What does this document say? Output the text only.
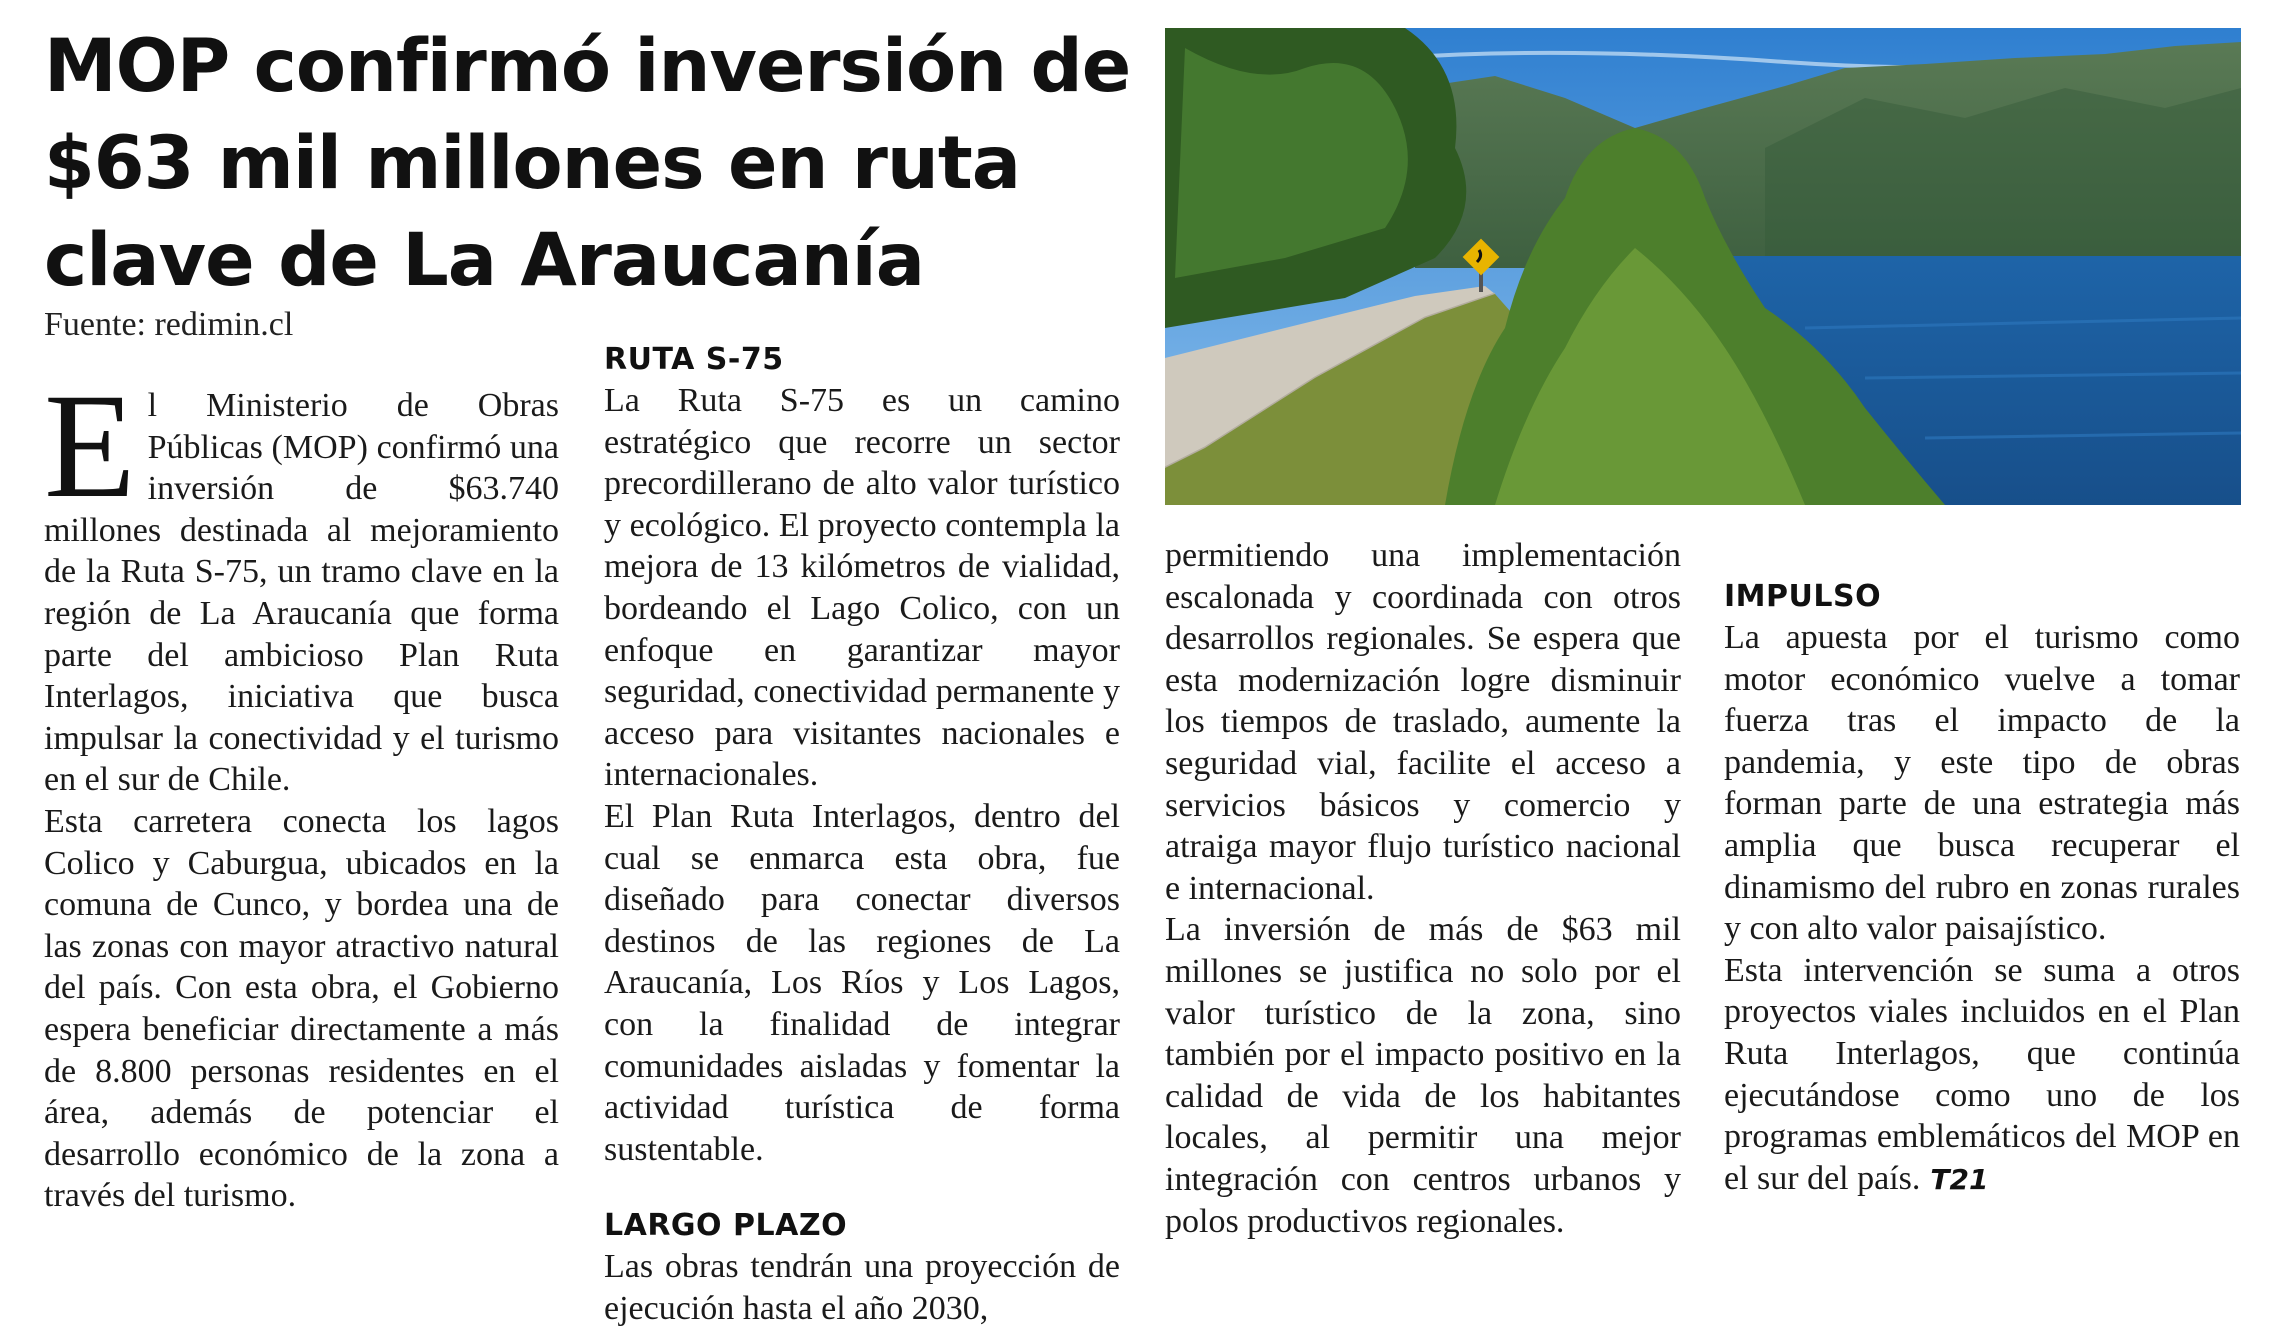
MOP confirmó inversión de $63 mil millones en ruta clave de La Araucanía
Fuente: redimin.cl

El Ministerio de Obras Públicas (MOP) confirmó una inversión de $63.740 millones destinada al mejoramiento de la Ruta S-75, un tramo clave en la región de La Araucanía que forma parte del ambicioso Plan Ruta Interlagos, iniciativa que busca impulsar la conectividad y el turismo en el sur de Chile.

Esta carretera conecta los lagos Colico y Caburgua, ubicados en la comuna de Cunco, y bordea una de las zonas con mayor atractivo natural del país. Con esta obra, el Gobierno espera beneficiar directamente a más de 8.800 personas residentes en el área, además de potenciar el desarrollo económico de la zona a través del turismo.

RUTA S-75

La Ruta S-75 es un camino estratégico que recorre un sector precordillerano de alto valor turístico y ecológico. El proyecto contempla la mejora de 13 kilómetros de vialidad, bordeando el Lago Colico, con un enfoque en garantizar mayor seguridad, conectividad permanente y acceso para visitantes nacionales e internacionales.

El Plan Ruta Interlagos, dentro del cual se enmarca esta obra, fue diseñado para conectar diversos destinos de las regiones de La Araucanía, Los Ríos y Los Lagos, con la finalidad de integrar comunidades aisladas y fomentar la actividad turística de forma sustentable.

LARGO PLAZO

Las obras tendrán una proyección de ejecución hasta el año 2030,

permitiendo una implementación escalonada y coordinada con otros desarrollos regionales. Se espera que esta modernización logre disminuir los tiempos de traslado, aumente la seguridad vial, facilite el acceso a servicios básicos y comercio y atraiga mayor flujo turístico nacional e internacional.

La inversión de más de $63 mil millones se justifica no solo por el valor turístico de la zona, sino también por el impacto positivo en la calidad de vida de los habitantes locales, al permitir una mejor integración con centros urbanos y polos productivos regionales.

IMPULSO

La apuesta por el turismo como motor económico vuelve a tomar fuerza tras el impacto de la pandemia, y este tipo de obras forman parte de una estrategia más amplia que busca recuperar el dinamismo del rubro en zonas rurales y con alto valor paisajístico.

Esta intervención se suma a otros proyectos viales incluidos en el Plan Ruta Interlagos, que continúa ejecutándose como uno de los programas emblemáticos del MOP en el sur del país. T21
